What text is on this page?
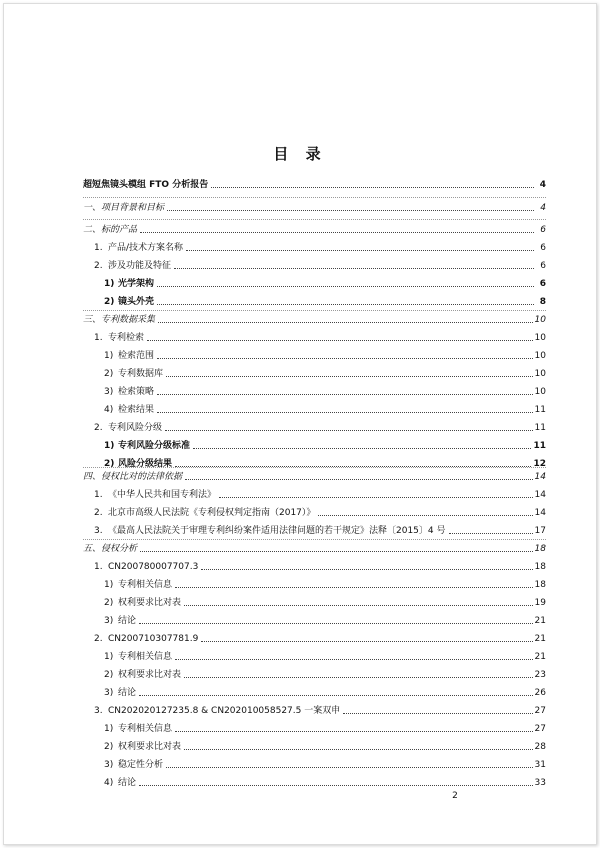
目 录
超短焦镜头模组 FTO 分析报告	4
一、 项目背景和目标	4
二、 标的产品	6
1. 产品/技术方案名称	6
2. 涉及功能及特征	6
1) 光学架构	6
2) 镜头外壳	8
三、 专利数据采集	10
1. 专利检索	10
1) 检索范围	10
2) 专利数据库	10
3) 检索策略	10
4) 检索结果	11
2. 专利风险分级	11
1) 专利风险分级标准	11
2) 风险分级结果	12
四、 侵权比对的法律依据	14
1. 《中华人民共和国专利法》	14
2. 北京市高级人民法院《专利侵权判定指南（2017）》	14
3. 《最高人民法院关于审理专利纠纷案件适用法律问题的若干规定》法释〔2015〕4 号	17
五、 侵权分析	18
1. CN200780007707.3	18
1) 专利相关信息	18
2) 权利要求比对表	19
3) 结论	21
2. CN200710307781.9	21
1) 专利相关信息	21
2) 权利要求比对表	23
3) 结论	26
3. CN202020127235.8 & CN202010058527.5 一案双申	27
1) 专利相关信息	27
2) 权利要求比对表	28
3) 稳定性分析	31
4) 结论	33
2
